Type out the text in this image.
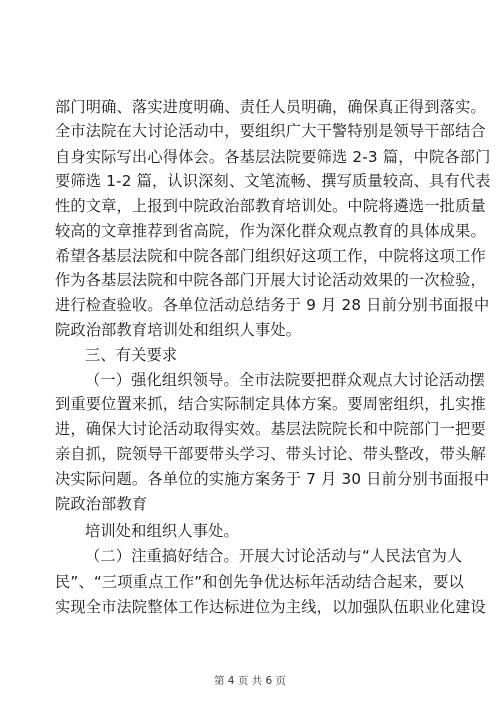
部门明确、落实进度明确、责任人员明确，确保真正得到落实。
全市法院在大讨论活动中，要组织广大干警特别是领导干部结合
自身实际写出心得体会。各基层法院要筛选 2-3 篇，中院各部门
要筛选 1-2 篇，认识深刻、文笔流畅、撰写质量较高、具有代表
性的文章，上报到中院政治部教育培训处。中院将遴选一批质量
较高的文章推荐到省高院，作为深化群众观点教育的具体成果。
希望各基层法院和中院各部门组织好这项工作，中院将这项工作
作为各基层法院和中院各部门开展大讨论活动效果的一次检验，
进行检查验收。各单位活动总结务于 9 月 28 日前分别书面报中
院政治部教育培训处和组织人事处。
三、有关要求
（一）强化组织领导。全市法院要把群众观点大讨论活动摆
到重要位置来抓，结合实际制定具体方案。要周密组织，扎实推
进，确保大讨论活动取得实效。基层法院院长和中院部门一把要
亲自抓，院领导干部要带头学习、带头讨论、带头整改，带头解
决实际问题。各单位的实施方案务于 7 月 30 日前分别书面报中
院政治部教育
培训处和组织人事处。
（二）注重搞好结合。开展大讨论活动与“人民法官为人
民”、“三项重点工作”和创先争优达标年活动结合起来，要以
实现全市法院整体工作达标进位为主线，以加强队伍职业化建设
第 4 页 共 6 页
